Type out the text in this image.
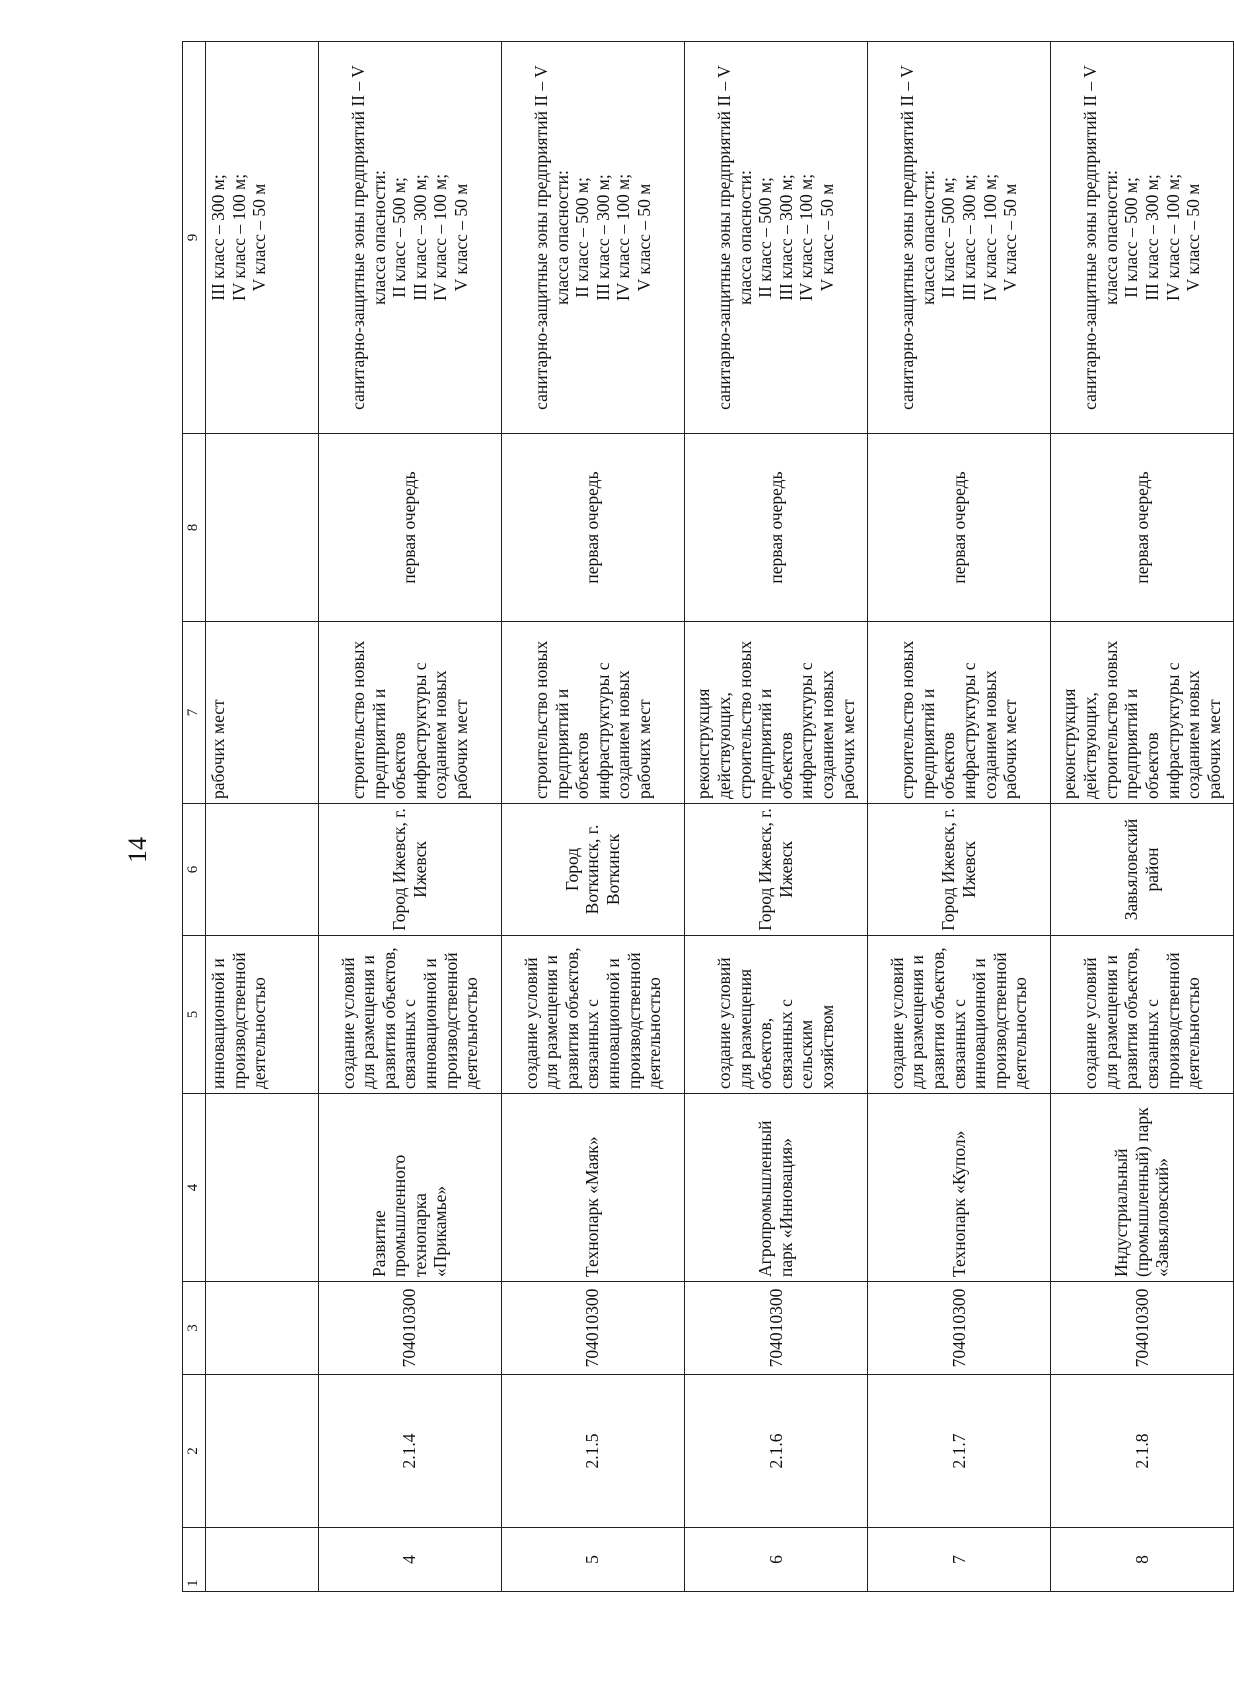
14
1	2	3	4	5	6	7	8	9
				инновационной и производственной деятельностью		рабочих мест		III класс – 300 м; IV класс – 100 м; V класс – 50 м

4	2.1.4	704010300	Развитие промышленного технопарка «Прикамье»	создание условий для размещения и развития объектов, связанных с инновационной и производственной деятельностью	Город Ижевск, г. Ижевск	строительство новых предприятий и объектов инфраструктуры с созданием новых рабочих мест	первая очередь	санитарно-защитные зоны предприятий II – V класса опасности: II класс – 500 м; III класс – 300 м; IV класс – 100 м; V класс – 50 м

5	2.1.5	704010300	Технопарк «Маяк»	создание условий для размещения и развития объектов, связанных с инновационной и производственной деятельностью	Город Воткинск, г. Воткинск	строительство новых предприятий и объектов инфраструктуры с созданием новых рабочих мест	первая очередь	санитарно-защитные зоны предприятий II – V класса опасности: II класс – 500 м; III класс – 300 м; IV класс – 100 м; V класс – 50 м

6	2.1.6	704010300	Агропромышленный парк «Инновация»	создание условий для размещения объектов, связанных с сельским хозяйством	Город Ижевск, г. Ижевск	реконструкция действующих, строительство новых предприятий и объектов инфраструктуры с созданием новых рабочих мест	первая очередь	санитарно-защитные зоны предприятий II – V класса опасности: II класс – 500 м; III класс – 300 м; IV класс – 100 м; V класс – 50 м

7	2.1.7	704010300	Технопарк «Купол»	создание условий для размещения и развития объектов, связанных с инновационной и производственной деятельностью	Город Ижевск, г. Ижевск	строительство новых предприятий и объектов инфраструктуры с созданием новых рабочих мест	первая очередь	санитарно-защитные зоны предприятий II – V класса опасности: II класс – 500 м; III класс – 300 м; IV класс – 100 м; V класс – 50 м

8	2.1.8	704010300	Индустриальный (промышленный) парк «Завьяловский»	создание условий для размещения и развития объектов, связанных с производственной деятельностью	Завьяловский район	реконструкция действующих, строительство новых предприятий и объектов инфраструктуры с созданием новых рабочих мест	первая очередь	санитарно-защитные зоны предприятий II – V класса опасности: II класс – 500 м; III класс – 300 м; IV класс – 100 м; V класс – 50 м
